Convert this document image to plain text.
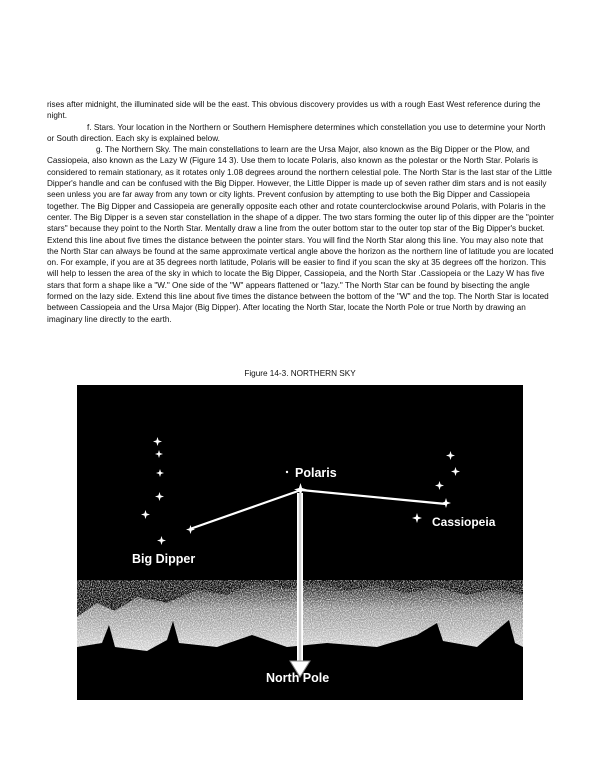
rises after midnight, the illuminated side will be the east. This obvious discovery provides us with a rough East West reference during the night.

f. Stars. Your location in the Northern or Southern Hemisphere determines which constellation you use to determine your North or South direction. Each sky is explained below.

g. The Northern Sky. The main constellations to learn are the Ursa Major, also known as the Big Dipper or the Plow, and Cassiopeia, also known as the Lazy W (Figure 14 3). Use them to locate Polaris, also known as the polestar or the North Star. Polaris is considered to remain stationary, as it rotates only 1.08 degrees around the northern celestial pole. The North Star is the last star of the Little Dipper's handle and can be confused with the Big Dipper. However, the Little Dipper is made up of seven rather dim stars and is not easily seen unless you are far away from any town or city lights. Prevent confusion by attempting to use both the Big Dipper and Cassiopeia together. The Big Dipper and Cassiopeia are generally opposite each other and rotate counterclockwise around Polaris, with Polaris in the center. The Big Dipper is a seven star constellation in the shape of a dipper. The two stars forming the outer lip of this dipper are the "pointer stars" because they point to the North Star. Mentally draw a line from the outer bottom star to the outer top star of the Big Dipper's bucket. Extend this line about five times the distance between the pointer stars. You will find the North Star along this line. You may also note that the North Star can always be found at the same approximate vertical angle above the horizon as the northern line of latitude you are located on. For example, if you are at 35 degrees north latitude, Polaris will be easier to find if you scan the sky at 35 degrees off the horizon. This will help to lessen the area of the sky in which to locate the Big Dipper, Cassiopeia, and the North Star .Cassiopeia or the Lazy W has five stars that form a shape like a "W." One side of the "W" appears flattened or "lazy." The North Star can be found by bisecting the angle formed on the lazy side. Extend this line about five times the distance between the bottom of the "W" and the top. The North Star is located between Cassiopeia and the Ursa Major (Big Dipper). After locating the North Star, locate the North Pole or true North by drawing an imaginary line directly to the earth.

Figure 14-3. NORTHERN SKY
Polaris
Cassiopeia
Big Dipper
North Pole
